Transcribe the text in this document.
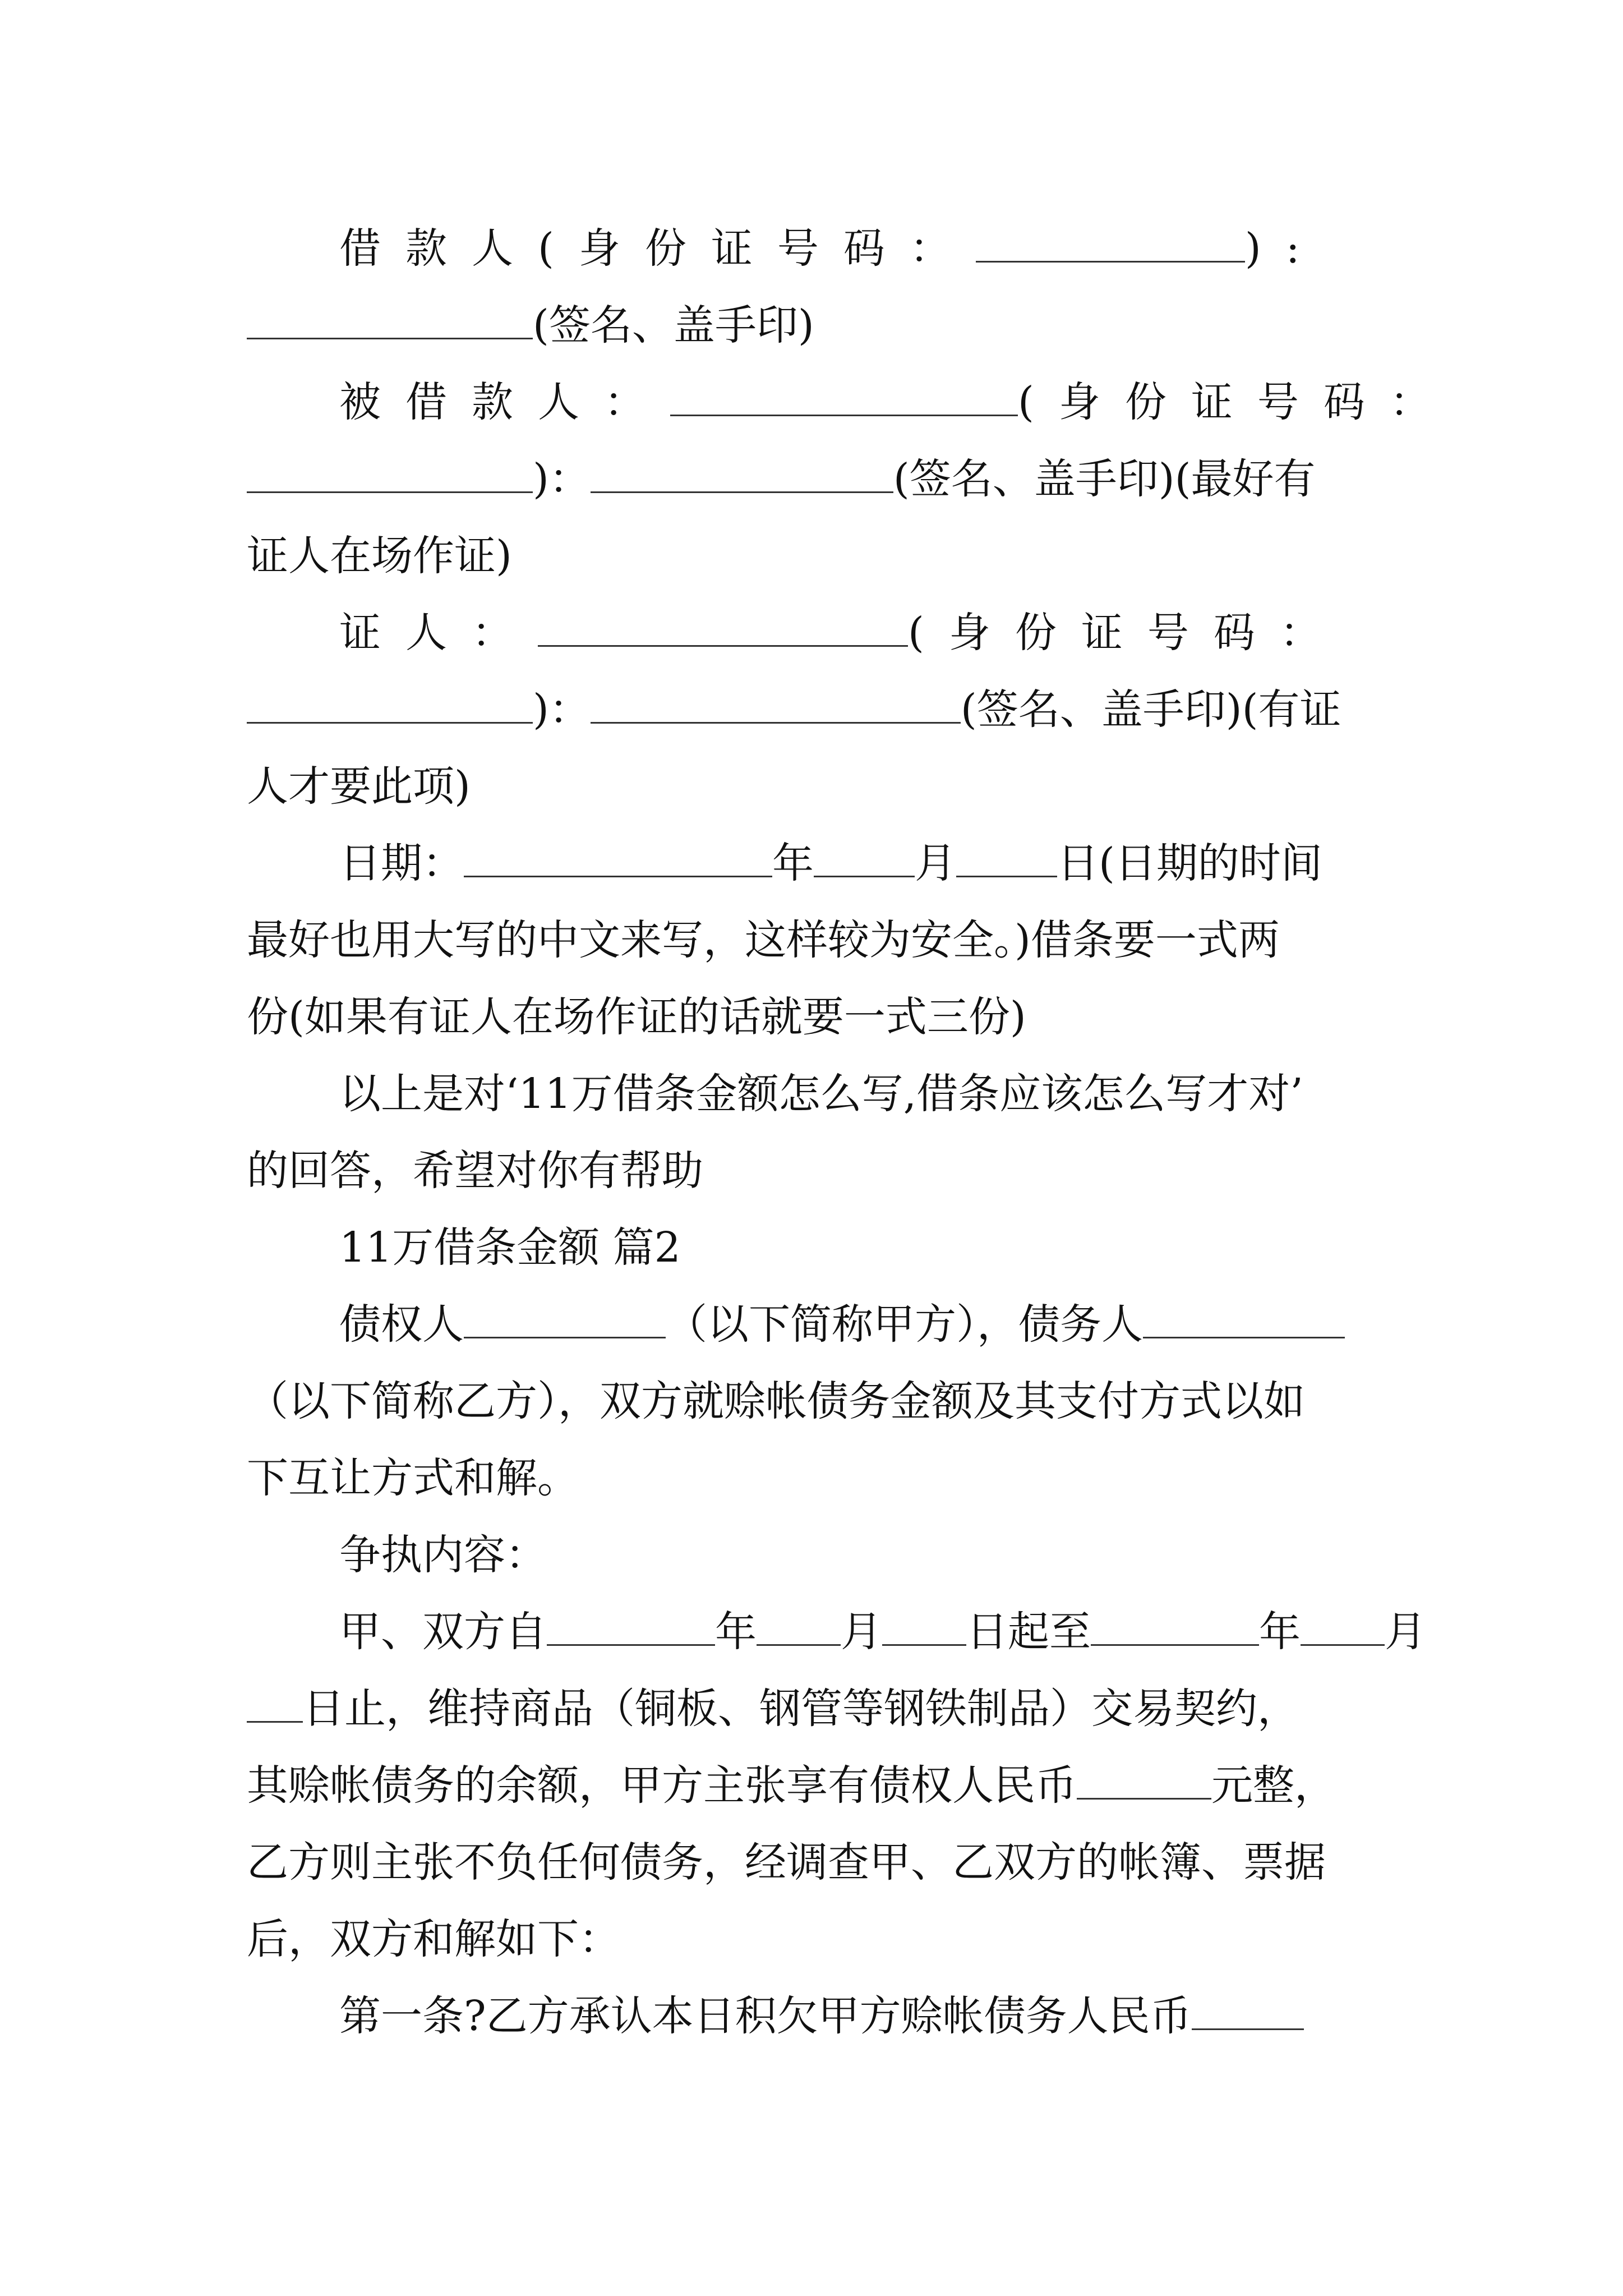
借款人(身份证号码：	):
(签名、盖手印)
被借款人：	(身份证号码：
)：	(签名、盖手印)(最好有
证人在场作证)
证人：	(身份证号码：
)：	(签名、盖手印)(有证
人才要此项)
日期：	年 月 日(日期的时间
最好也用大写的中文来写，这样较为安全。)借条要一式两
份(如果有证人在场作证的话就要一式三份)
以上是对‘11万借条金额怎么写,借条应该怎么写才对’
的回答，希望对你有帮助
11万借条金额 篇2
债权人	（以下简称甲方），债务人
（以下简称乙方），双方就赊帐债务金额及其支付方式以如
下互让方式和解。
争执内容：
甲、双方自	年 月 日起至	年 月
日止，维持商品（铜板、钢管等钢铁制品）交易契约，
其赊帐债务的余额，甲方主张享有债权人民币	元整，
乙方则主张不负任何债务，经调查甲、乙双方的帐簿、票据
后，双方和解如下：
第一条?乙方承认本日积欠甲方赊帐债务人民币
